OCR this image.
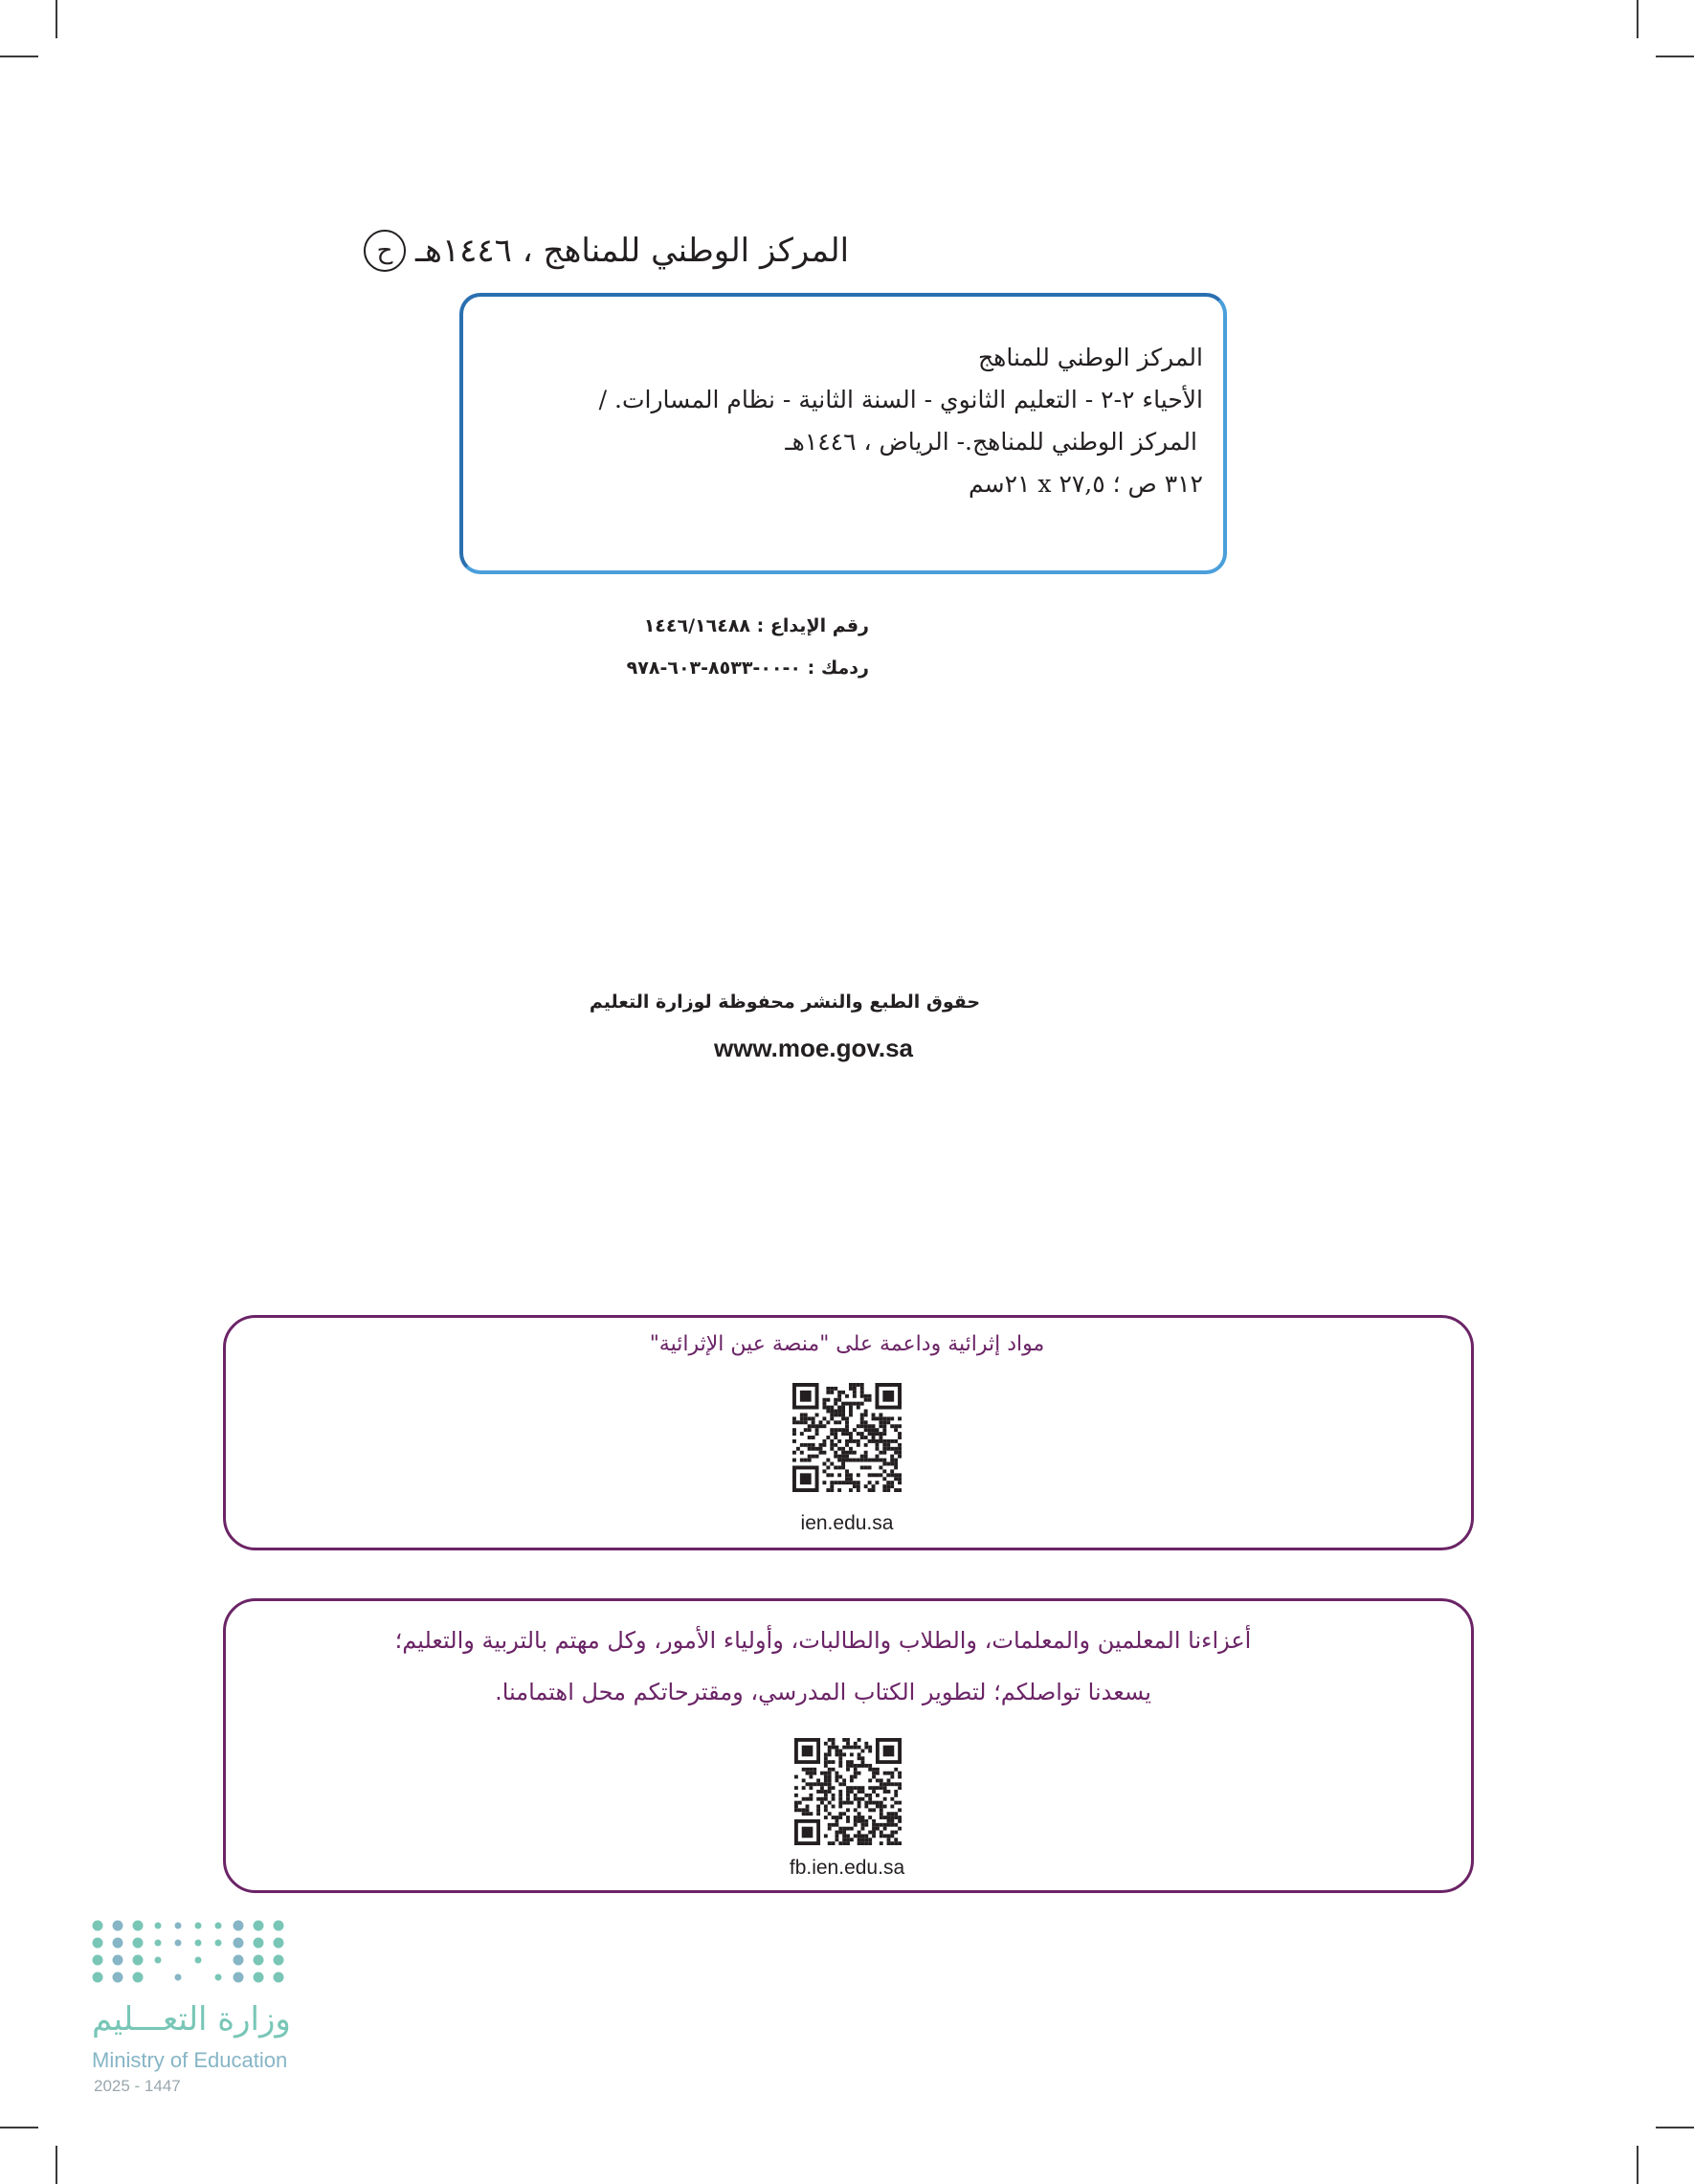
ح المركز الوطني للمناهج ، ١٤٤٦هـ
المركز الوطني للمناهج
الأحياء ٢-٢ - التعليم الثانوي - السنة الثانية - نظام المسارات. /
المركز الوطني للمناهج.- الرياض ، ١٤٤٦هـ
٣١٢ ص ؛ ٢٧,٥ x ٢١سم
رقم الإيداع : ١٤٤٦/١٦٤٨٨
ردمك : ٠-٠٠-٨٥٣٣-٦٠٣-٩٧٨
حقوق الطبع والنشر محفوظة لوزارة التعليم
www.moe.gov.sa
مواد إثرائية وداعمة على "منصة عين الإثرائية"
ien.edu.sa
أعزاءنا المعلمين والمعلمات، والطلاب والطالبات، وأولياء الأمور، وكل مهتم بالتربية والتعليم؛
يسعدنا تواصلكم؛ لتطوير الكتاب المدرسي، ومقترحاتكم محل اهتمامنا.
fb.ien.edu.sa
وزارة التعـــليم
Ministry of Education
2025 - 1447
